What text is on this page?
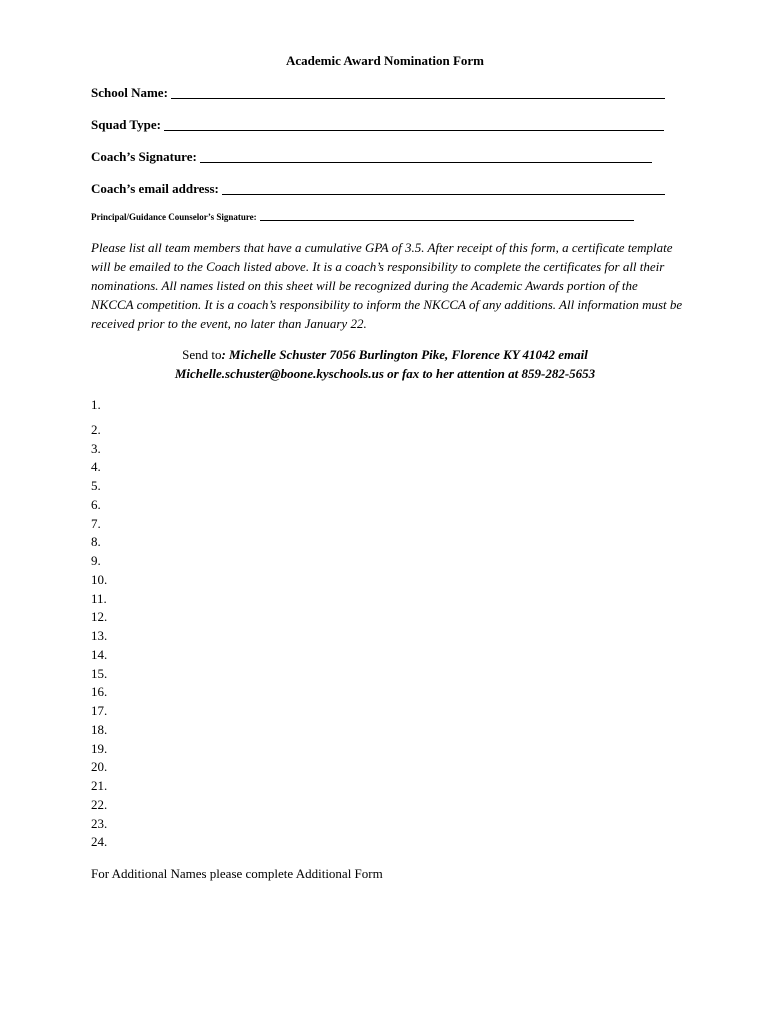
Academic Award Nomination Form
School Name:
Squad Type:
Coach’s Signature:
Coach’s email address:
Principal/Guidance Counselor’s Signature:
Please list all team members that have a cumulative GPA of 3.5. After receipt of this form, a certificate template will be emailed to the Coach listed above. It is a coach’s responsibility to complete the certificates for all their nominations. All names listed on this sheet will be recognized during the Academic Awards portion of the NKCCA competition. It is a coach’s responsibility to inform the NKCCA of any additions. All information must be received prior to the event, no later than January 22.
Send to: Michelle Schuster 7056 Burlington Pike, Florence KY 41042 email
Michelle.schuster@boone.kyschools.us or fax to her attention at 859-282-5653
1.
2.
3.
4.
5.
6.
7.
8.
9.
10.
11.
12.
13.
14.
15.
16.
17.
18.
19.
20.
21.
22.
23.
24.
For Additional Names please complete Additional Form
